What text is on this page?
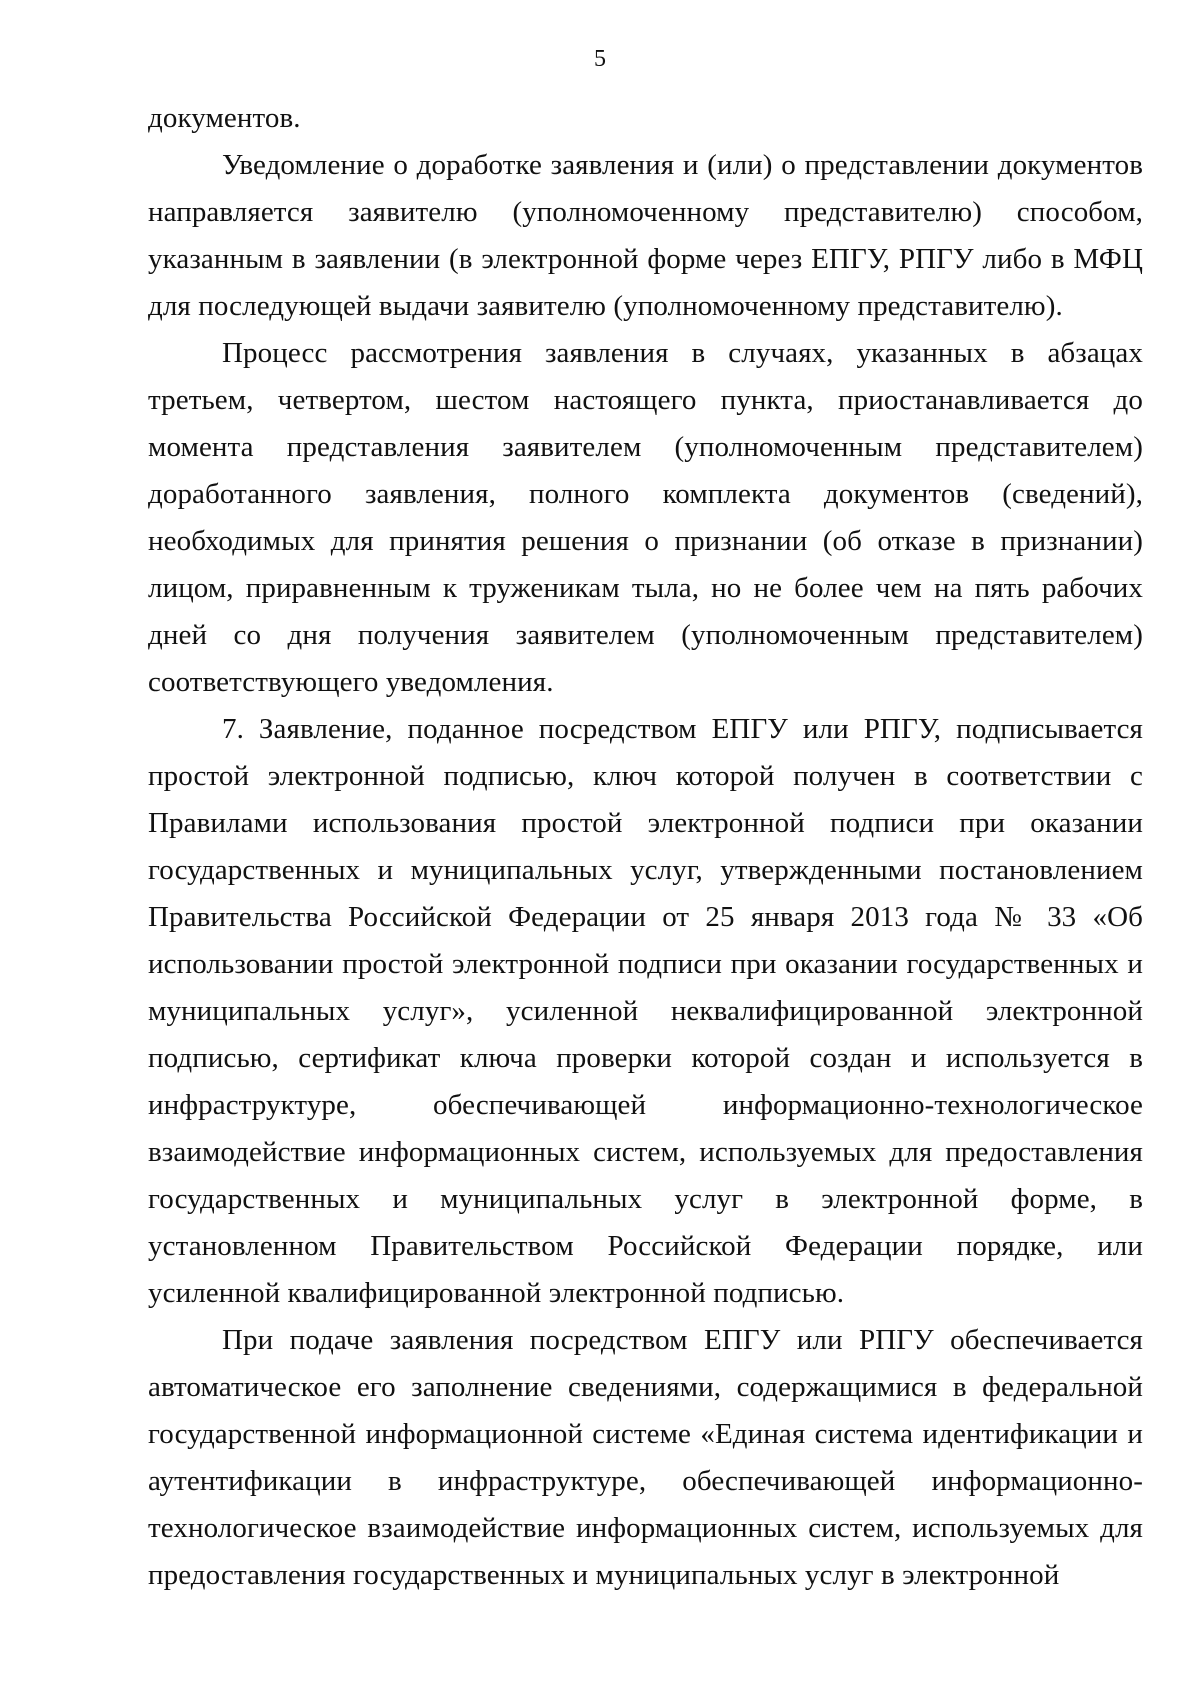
5

документов.

Уведомление о доработке заявления и (или) о представлении документов направляется заявителю (уполномоченному представителю) способом, указанным в заявлении (в электронной форме через ЕПГУ, РПГУ либо в МФЦ для последующей выдачи заявителю (уполномоченному представителю).

Процесс рассмотрения заявления в случаях, указанных в абзацах третьем, четвертом, шестом настоящего пункта, приостанавливается до момента представления заявителем (уполномоченным представителем) доработанного заявления, полного комплекта документов (сведений), необходимых для принятия решения о признании (об отказе в признании) лицом, приравненным к труженикам тыла, но не более чем на пять рабочих дней со дня получения заявителем (уполномоченным представителем) соответствующего уведомления.

7. Заявление, поданное посредством ЕПГУ или РПГУ, подписывается простой электронной подписью, ключ которой получен в соответствии с Правилами использования простой электронной подписи при оказании государственных и муниципальных услуг, утвержденными постановлением Правительства Российской Федерации от 25 января 2013 года № 33 «Об использовании простой электронной подписи при оказании государственных и муниципальных услуг», усиленной неквалифицированной электронной подписью, сертификат ключа проверки которой создан и используется в инфраструктуре, обеспечивающей информационно-технологическое взаимодействие информационных систем, используемых для предоставления государственных и муниципальных услуг в электронной форме, в установленном Правительством Российской Федерации порядке, или усиленной квалифицированной электронной подписью.

При подаче заявления посредством ЕПГУ или РПГУ обеспечивается автоматическое его заполнение сведениями, содержащимися в федеральной государственной информационной системе «Единая система идентификации и аутентификации в инфраструктуре, обеспечивающей информационно-технологическое взаимодействие информационных систем, используемых для предоставления государственных и муниципальных услуг в электронной
